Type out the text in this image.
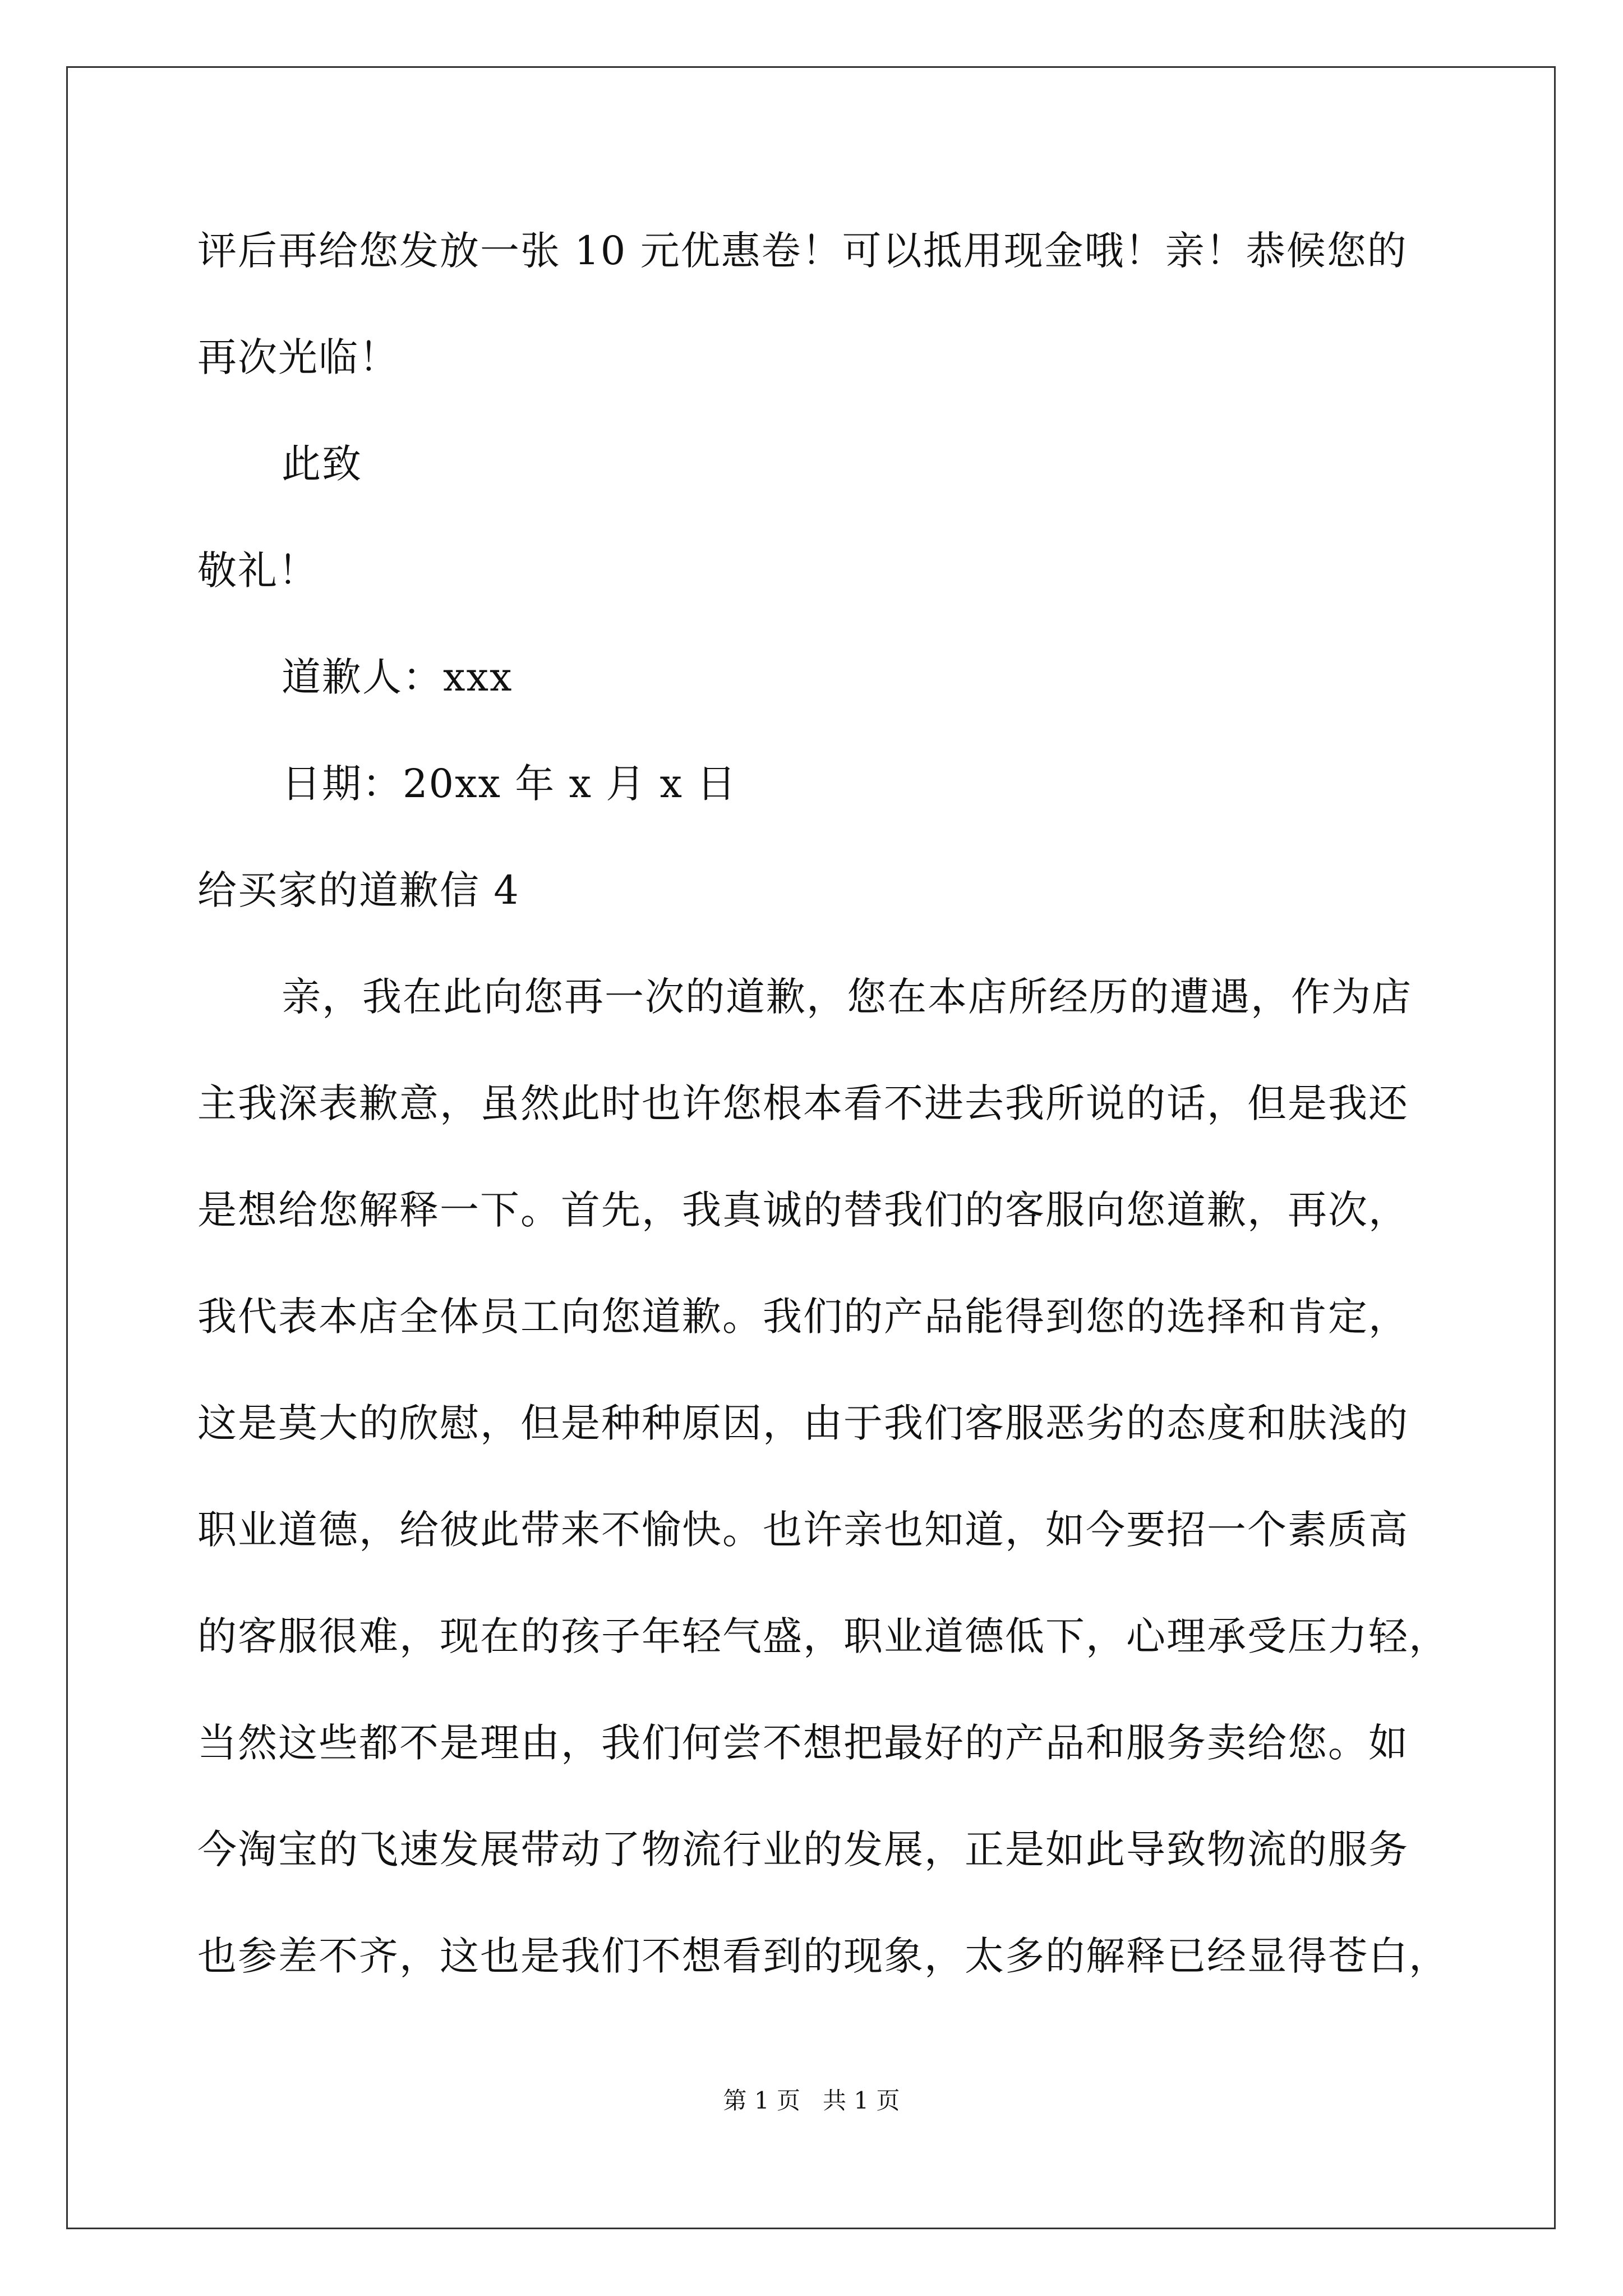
评后再给您发放一张 10 元优惠卷！可以抵用现金哦！亲！恭候您的
再次光临！
此致
敬礼！
道歉人：xxx
日期：20xx 年 x 月 x 日
给买家的道歉信 4
亲，我在此向您再一次的道歉，您在本店所经历的遭遇，作为店
主我深表歉意，虽然此时也许您根本看不进去我所说的话，但是我还
是想给您解释一下。首先，我真诚的替我们的客服向您道歉，再次，
我代表本店全体员工向您道歉。我们的产品能得到您的选择和肯定，
这是莫大的欣慰，但是种种原因，由于我们客服恶劣的态度和肤浅的
职业道德，给彼此带来不愉快。也许亲也知道，如今要招一个素质高
的客服很难，现在的孩子年轻气盛，职业道德低下，心理承受压力轻，
当然这些都不是理由，我们何尝不想把最好的产品和服务卖给您。如
今淘宝的飞速发展带动了物流行业的发展，正是如此导致物流的服务
也参差不齐，这也是我们不想看到的现象，太多的解释已经显得苍白，
第 1 页   共 1 页
